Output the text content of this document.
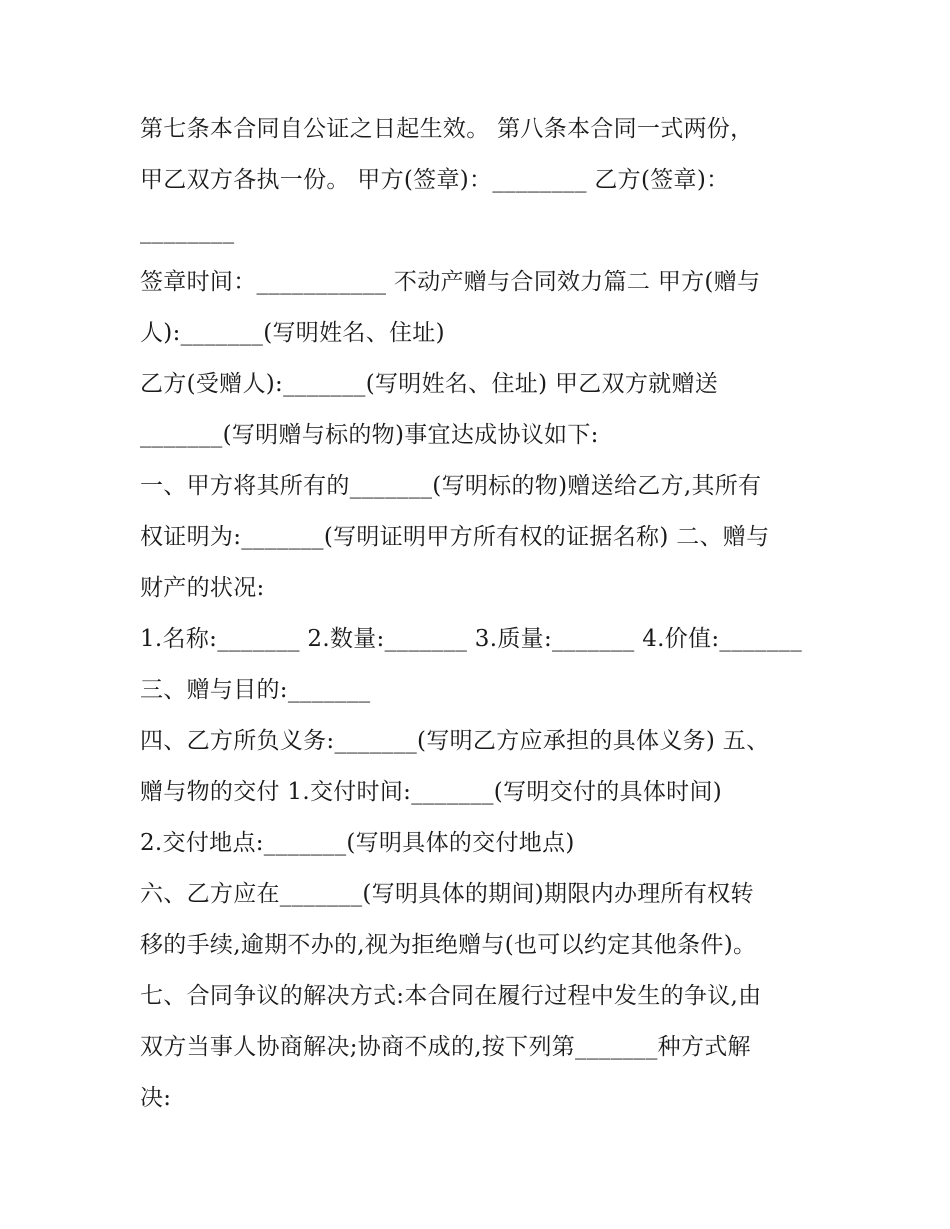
第七条本合同自公证之日起生效。 第八条本合同一式两份，
甲乙双方各执一份。 甲方(签章)：________ 乙方(签章)：
________
签章时间：___________ 不动产赠与合同效力篇二 甲方(赠与
人):_______(写明姓名、住址)
乙方(受赠人):_______(写明姓名、住址) 甲乙双方就赠送
_______(写明赠与标的物)事宜达成协议如下:
一、甲方将其所有的_______(写明标的物)赠送给乙方,其所有
权证明为:_______(写明证明甲方所有权的证据名称) 二、赠与
财产的状况:
1.名称:_______ 2.数量:_______ 3.质量:_______ 4.价值:_______
三、赠与目的:_______
四、乙方所负义务:_______(写明乙方应承担的具体义务) 五、
赠与物的交付 1.交付时间:_______(写明交付的具体时间)
2.交付地点:_______(写明具体的交付地点)
六、乙方应在_______(写明具体的期间)期限内办理所有权转
移的手续,逾期不办的,视为拒绝赠与(也可以约定其他条件)。
七、合同争议的解决方式:本合同在履行过程中发生的争议,由
双方当事人协商解决;协商不成的,按下列第_______种方式解
决:
